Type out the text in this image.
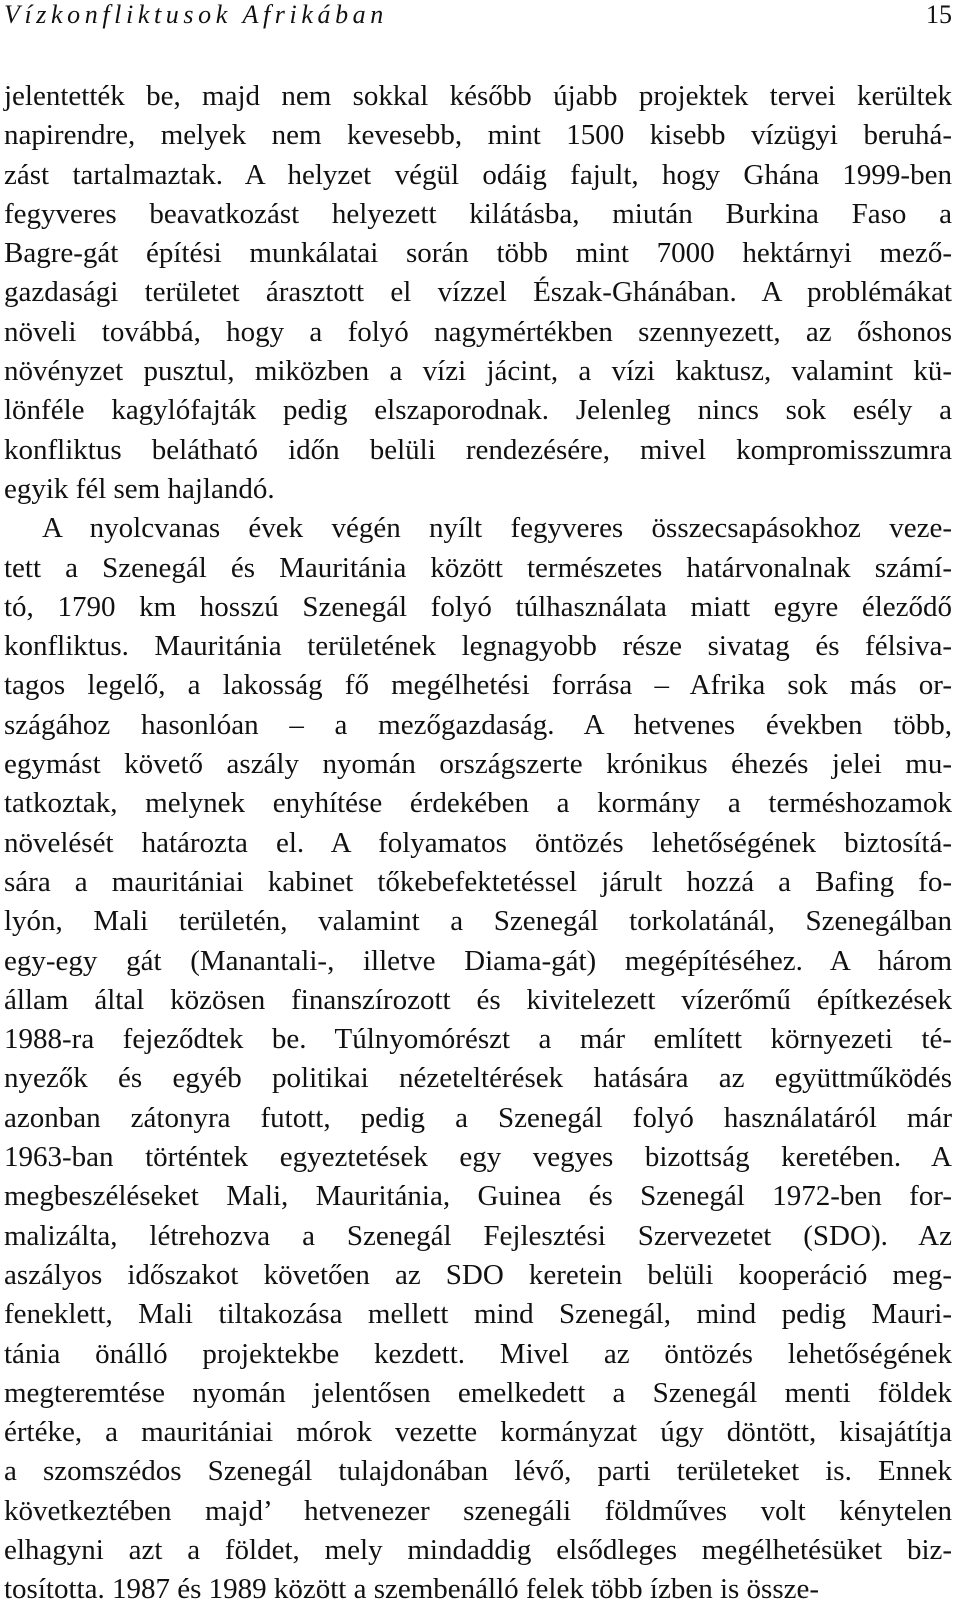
Vízkonfliktusok Afrikában	15
jelentették be, majd nem sokkal később újabb projektek tervei kerültek
napirendre, melyek nem kevesebb, mint 1500 kisebb vízügyi beruhá-
zást tartalmaztak. A helyzet végül odáig fajult, hogy Ghána 1999-ben
fegyveres beavatkozást helyezett kilátásba, miután Burkina Faso a
Bagre-gát építési munkálatai során több mint 7000 hektárnyi mező-
gazdasági területet árasztott el vízzel Észak-Ghánában. A problémákat
növeli továbbá, hogy a folyó nagymértékben szennyezett, az őshonos
növényzet pusztul, miközben a vízi jácint, a vízi kaktusz, valamint kü-
lönféle kagylófajták pedig elszaporodnak. Jelenleg nincs sok esély a
konfliktus belátható időn belüli rendezésére, mivel kompromisszumra
egyik fél sem hajlandó.
A nyolcvanas évek végén nyílt fegyveres összecsapásokhoz veze-
tett a Szenegál és Mauritánia között természetes határvonalnak számí-
tó, 1790 km hosszú Szenegál folyó túlhasználata miatt egyre éleződő
konfliktus. Mauritánia területének legnagyobb része sivatag és félsiva-
tagos legelő, a lakosság fő megélhetési forrása – Afrika sok más or-
szágához hasonlóan – a mezőgazdaság. A hetvenes években több,
egymást követő aszály nyomán országszerte krónikus éhezés jelei mu-
tatkoztak, melynek enyhítése érdekében a kormány a terméshozamok
növelését határozta el. A folyamatos öntözés lehetőségének biztosítá-
sára a mauritániai kabinet tőkebefektetéssel járult hozzá a Bafing fo-
lyón, Mali területén, valamint a Szenegál torkolatánál, Szenegálban
egy-egy gát (Manantali-, illetve Diama-gát) megépítéséhez. A három
állam által közösen finanszírozott és kivitelezett vízerőmű építkezések
1988-ra fejeződtek be. Túlnyomórészt a már említett környezeti té-
nyezők és egyéb politikai nézeteltérések hatására az együttműködés
azonban zátonyra futott, pedig a Szenegál folyó használatáról már
1963-ban történtek egyeztetések egy vegyes bizottság keretében. A
megbeszéléseket Mali, Mauritánia, Guinea és Szenegál 1972-ben for-
malizálta, létrehozva a Szenegál Fejlesztési Szervezetet (SDO). Az
aszályos időszakot követően az SDO keretein belüli kooperáció meg-
feneklett, Mali tiltakozása mellett mind Szenegál, mind pedig Mauri-
tánia önálló projektekbe kezdett. Mivel az öntözés lehetőségének
megteremtése nyomán jelentősen emelkedett a Szenegál menti földek
értéke, a mauritániai mórok vezette kormányzat úgy döntött, kisajátítja
a szomszédos Szenegál tulajdonában lévő, parti területeket is. Ennek
következtében majd’ hetvenezer szenegáli földműves volt kénytelen
elhagyni azt a földet, mely mindaddig elsődleges megélhetésüket biz-
tosította. 1987 és 1989 között a szembenálló felek több ízben is össze-
